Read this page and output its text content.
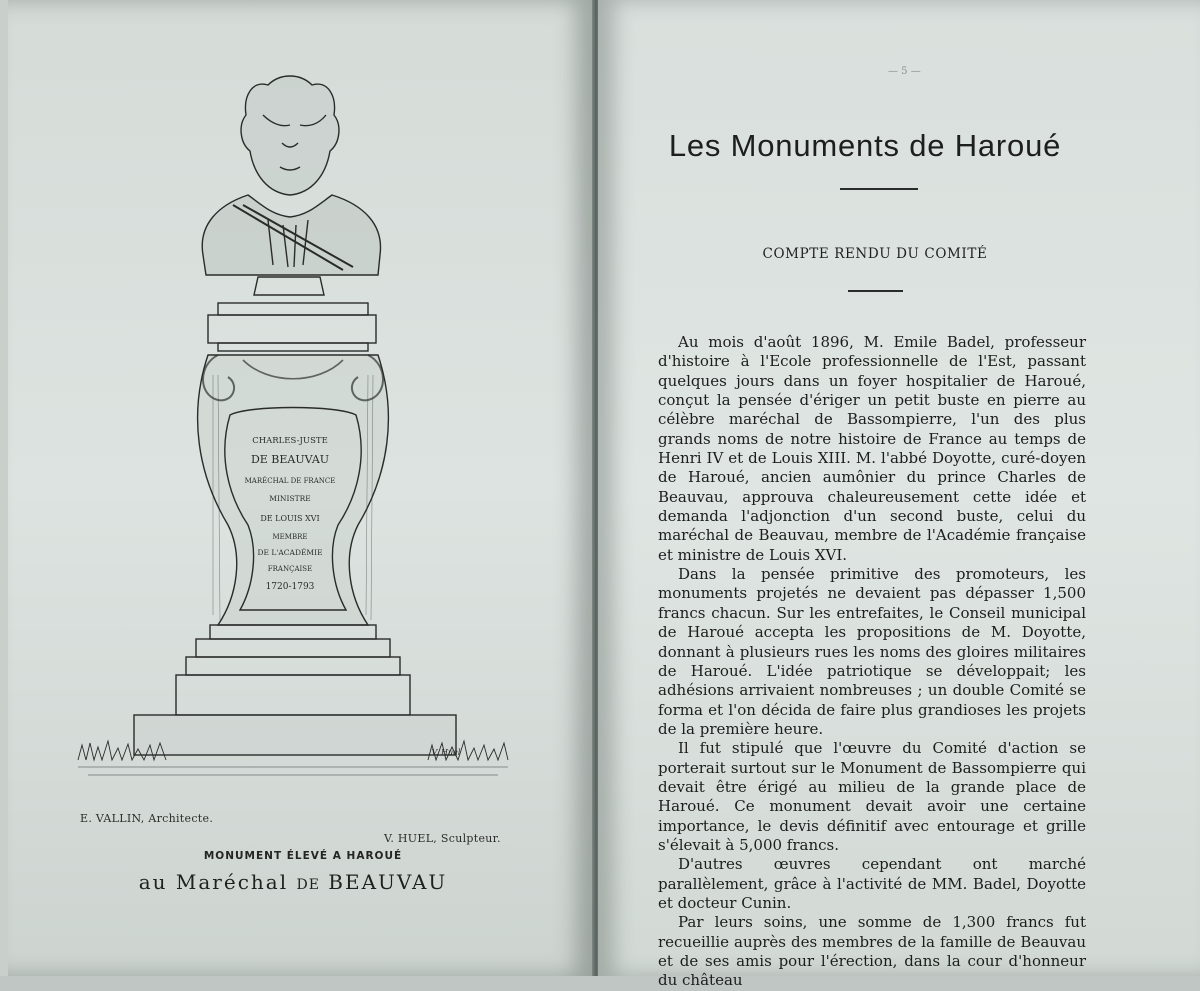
CHARLES-JUSTE
DE BEAUVAU
MARÉCHAL DE FRANCE
MINISTRE
DE LOUIS XVI
MEMBRE
DE L'ACADÉMIE
FRANÇAISE
1720-1793
V. Huel
E. VALLIN, Architecte.
V. HUEL, Sculpteur.
MONUMENT ÉLEVÉ A HAROUÉ
au Maréchal DE BEAUVAU
— 5 —
Les Monuments de Haroué
COMPTE RENDU DU COMITÉ

Au mois d'août 1896, M. Emile Badel, professeur d'histoire à l'Ecole professionnelle de l'Est, passant quelques jours dans un foyer hospitalier de Haroué, conçut la pensée d'ériger un petit buste en pierre au célèbre maréchal de Bassompierre, l'un des plus grands noms de notre histoire de France au temps de Henri IV et de Louis XIII. M. l'abbé Doyotte, curé-doyen de Haroué, ancien aumônier du prince Charles de Beauvau, approuva chaleureusement cette idée et demanda l'adjonction d'un second buste, celui du maréchal de Beauvau, membre de l'Académie française et ministre de Louis XVI.

Dans la pensée primitive des promoteurs, les monuments projetés ne devaient pas dépasser 1,500 francs chacun. Sur les entrefaites, le Conseil municipal de Haroué accepta les propositions de M. Doyotte, donnant à plusieurs rues les noms des gloires militaires de Haroué. L'idée patriotique se développait; les adhésions arrivaient nombreuses ; un double Comité se forma et l'on décida de faire plus grandioses les projets de la première heure.

Il fut stipulé que l'œuvre du Comité d'action se porterait surtout sur le Monument de Bassompierre qui devait être érigé au milieu de la grande place de Haroué. Ce monument devait avoir une certaine importance, le devis définitif avec entourage et grille s'élevait à 5,000 francs.

D'autres œuvres cependant ont marché parallèlement, grâce à l'activité de MM. Badel, Doyotte et docteur Cunin.

Par leurs soins, une somme de 1,300 francs fut recueillie auprès des membres de la famille de Beauvau et de ses amis pour l'érection, dans la cour d'honneur du château
